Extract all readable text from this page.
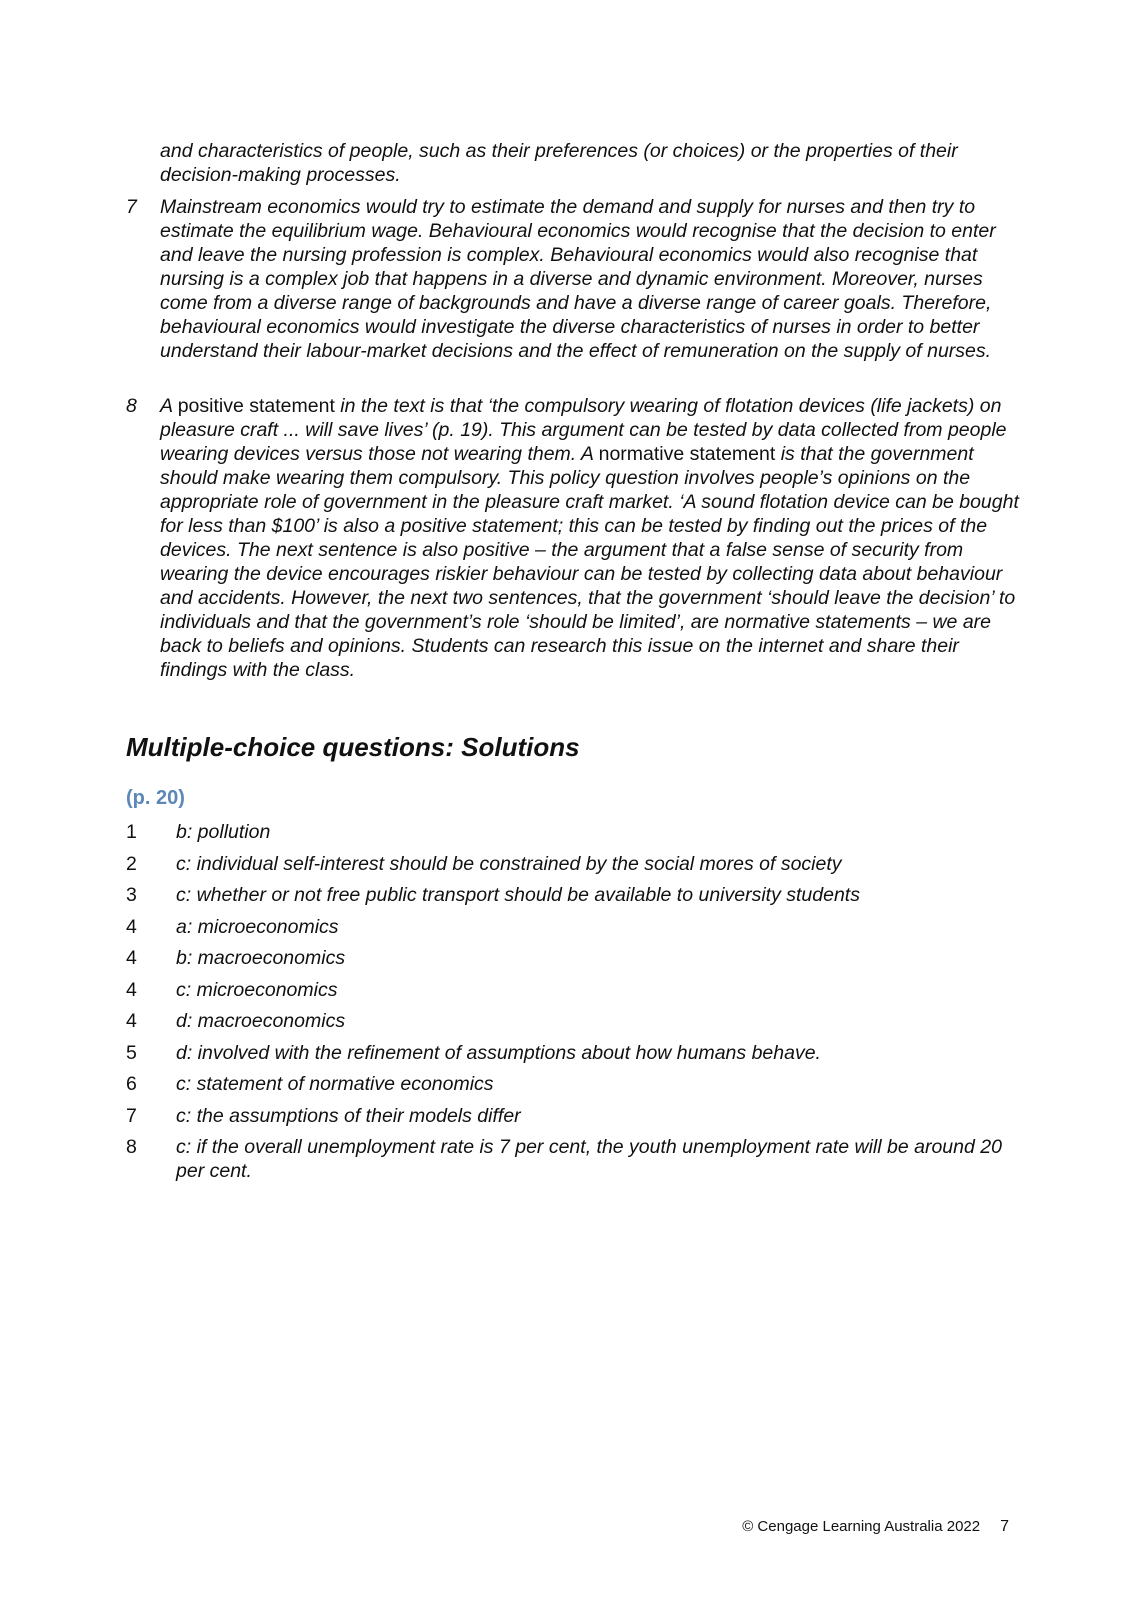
and characteristics of people, such as their preferences (or choices) or the properties of their decision-making processes.

7 Mainstream economics would try to estimate the demand and supply for nurses and then try to estimate the equilibrium wage. Behavioural economics would recognise that the decision to enter and leave the nursing profession is complex. Behavioural economics would also recognise that nursing is a complex job that happens in a diverse and dynamic environment. Moreover, nurses come from a diverse range of backgrounds and have a diverse range of career goals. Therefore, behavioural economics would investigate the diverse characteristics of nurses in order to better understand their labour-market decisions and the effect of remuneration on the supply of nurses.

8 A positive statement in the text is that ‘the compulsory wearing of flotation devices (life jackets) on pleasure craft ... will save lives’ (p. 19). This argument can be tested by data collected from people wearing devices versus those not wearing them. A normative statement is that the government should make wearing them compulsory. This policy question involves people’s opinions on the appropriate role of government in the pleasure craft market. ‘A sound flotation device can be bought for less than $100’ is also a positive statement; this can be tested by finding out the prices of the devices. The next sentence is also positive – the argument that a false sense of security from wearing the device encourages riskier behaviour can be tested by collecting data about behaviour and accidents. However, the next two sentences, that the government ‘should leave the decision’ to individuals and that the government’s role ‘should be limited’, are normative statements – we are back to beliefs and opinions. Students can research this issue on the internet and share their findings with the class.

Multiple-choice questions: Solutions
(p. 20)
1 b: pollution
2 c: individual self-interest should be constrained by the social mores of society
3 c: whether or not free public transport should be available to university students
4 a: microeconomics
4 b: macroeconomics
4 c: microeconomics
4 d: macroeconomics
5 d: involved with the refinement of assumptions about how humans behave.
6 c: statement of normative economics
7 c: the assumptions of their models differ
8 c: if the overall unemployment rate is 7 per cent, the youth unemployment rate will be around 20 per cent.
© Cengage Learning Australia 2022 7
